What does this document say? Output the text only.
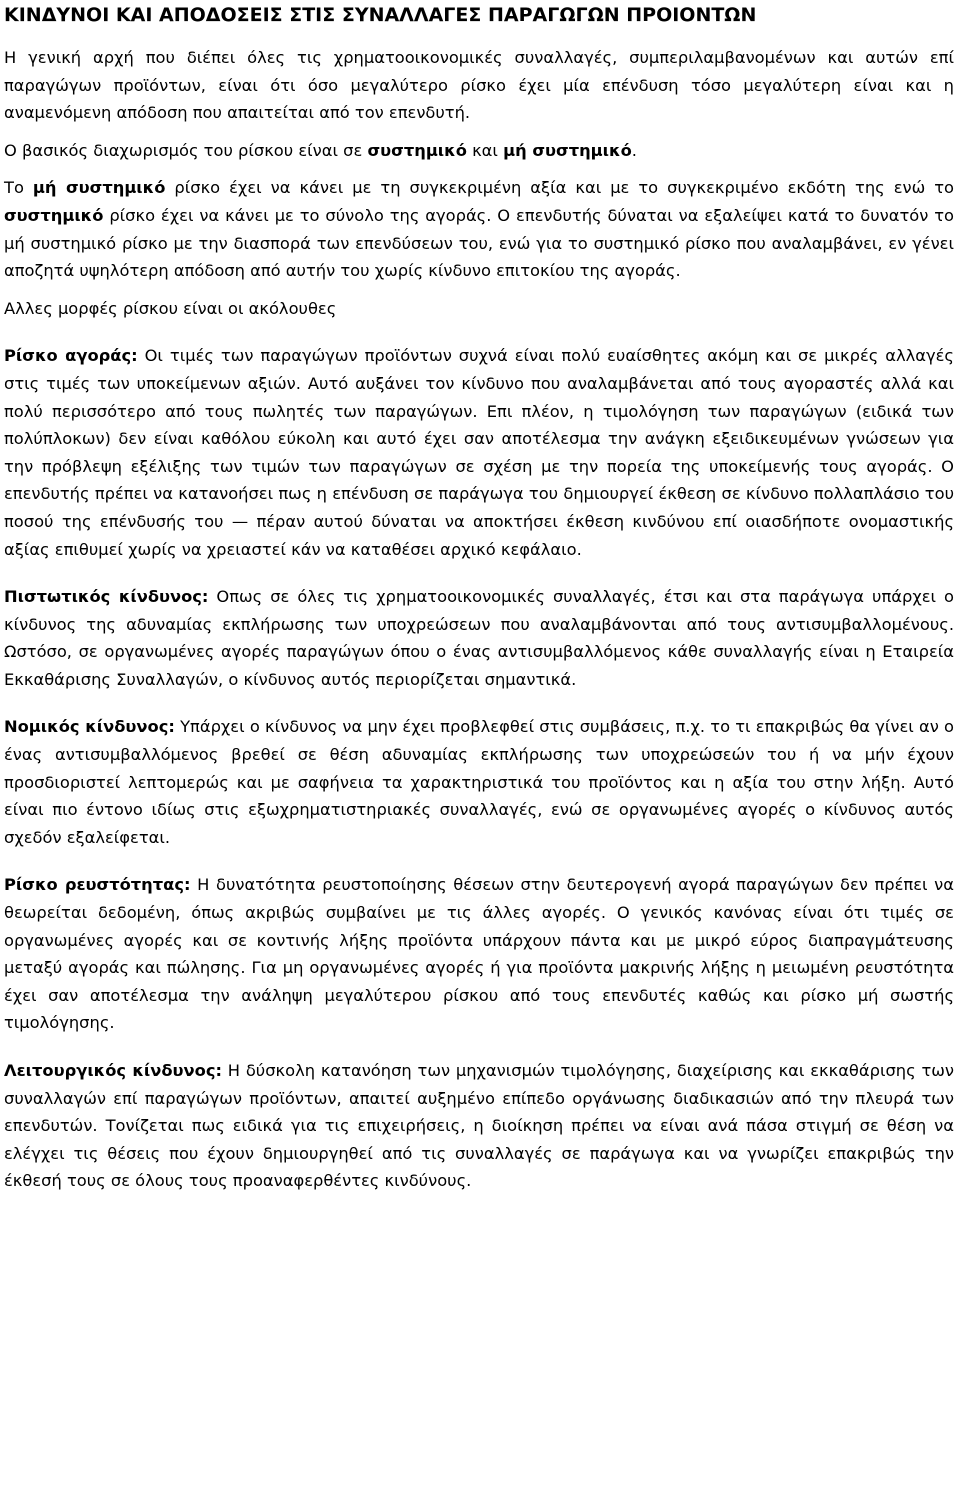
ΚΙΝΔΥΝΟΙ ΚΑΙ ΑΠΟΔΟΣΕΙΣ ΣΤΙΣ ΣΥΝΑΛΛΑΓΕΣ ΠΑΡΑΓΩΓΩΝ ΠΡΟΙΟΝΤΩΝ

Η γενική αρχή που διέπει όλες τις χρηματοοικονομικές συναλλαγές, συμπεριλαμβανομένων και αυτών επί παραγώγων προϊόντων, είναι ότι όσο μεγαλύτερο ρίσκο έχει μία επένδυση τόσο μεγαλύτερη είναι και η αναμενόμενη απόδοση που απαιτείται από τον επενδυτή.

Ο βασικός διαχωρισμός του ρίσκου είναι σε συστημικό και μή συστημικό.

Το μή συστημικό ρίσκο έχει να κάνει με τη συγκεκριμένη αξία και με το συγκεκριμένο εκδότη της ενώ το συστημικό ρίσκο έχει να κάνει με το σύνολο της αγοράς. Ο επενδυτής δύναται να εξαλείψει κατά το δυνατόν το μή συστημικό ρίσκο με την διασπορά των επενδύσεων του, ενώ για το συστημικό ρίσκο που αναλαμβάνει, εν γένει αποζητά υψηλότερη απόδοση από αυτήν του χωρίς κίνδυνο επιτοκίου της αγοράς.

Αλλες μορφές ρίσκου είναι οι ακόλουθες

Ρίσκο αγοράς: Οι τιμές των παραγώγων προϊόντων συχνά είναι πολύ ευαίσθητες ακόμη και σε μικρές αλλαγές στις τιμές των υποκείμενων αξιών. Αυτό αυξάνει τον κίνδυνο που αναλαμβάνεται από τους αγοραστές αλλά και πολύ περισσότερο από τους πωλητές των παραγώγων. Επι πλέον, η τιμολόγηση των παραγώγων (ειδικά των πολύπλοκων) δεν είναι καθόλου εύκολη και αυτό έχει σαν αποτέλεσμα την ανάγκη εξειδικευμένων γνώσεων για την πρόβλεψη εξέλιξης των τιμών των παραγώγων σε σχέση με την πορεία της υποκείμενής τους αγοράς. Ο επενδυτής πρέπει να κατανοήσει πως η επένδυση σε παράγωγα του δημιουργεί έκθεση σε κίνδυνο πολλαπλάσιο του ποσού της επένδυσής του — πέραν αυτού δύναται να αποκτήσει έκθεση κινδύνου επί οιασδήποτε ονομαστικής αξίας επιθυμεί χωρίς να χρειαστεί κάν να καταθέσει αρχικό κεφάλαιο.

Πιστωτικός κίνδυνος: Οπως σε όλες τις χρηματοοικονομικές συναλλαγές, έτσι και στα παράγωγα υπάρχει ο κίνδυνος της αδυναμίας εκπλήρωσης των υποχρεώσεων που αναλαμβάνονται από τους αντισυμβαλλομένους. Ωστόσο, σε οργανωμένες αγορές παραγώγων όπου ο ένας αντισυμβαλλόμενος κάθε συναλλαγής είναι η Εταιρεία Εκκαθάρισης Συναλλαγών, ο κίνδυνος αυτός περιορίζεται σημαντικά.

Νομικός κίνδυνος: Υπάρχει ο κίνδυνος να μην έχει προβλεφθεί στις συμβάσεις, π.χ. το τι επακριβώς θα γίνει αν ο ένας αντισυμβαλλόμενος βρεθεί σε θέση αδυναμίας εκπλήρωσης των υποχρεώσεών του ή να μήν έχουν προσδιοριστεί λεπτομερώς και με σαφήνεια τα χαρακτηριστικά του προϊόντος και η αξία του στην λήξη. Αυτό είναι πιο έντονο ιδίως στις εξωχρηματιστηριακές συναλλαγές, ενώ σε οργανωμένες αγορές ο κίνδυνος αυτός σχεδόν εξαλείφεται.

Ρίσκο ρευστότητας: Η δυνατότητα ρευστοποίησης θέσεων στην δευτερογενή αγορά παραγώγων δεν πρέπει να θεωρείται δεδομένη, όπως ακριβώς συμβαίνει με τις άλλες αγορές. Ο γενικός κανόνας είναι ότι τιμές σε οργανωμένες αγορές και σε κοντινής λήξης προϊόντα υπάρχουν πάντα και με μικρό εύρος διαπραγμάτευσης μεταξύ αγοράς και πώλησης. Για μη οργανωμένες αγορές ή για προϊόντα μακρινής λήξης η μειωμένη ρευστότητα έχει σαν αποτέλεσμα την ανάληψη μεγαλύτερου ρίσκου από τους επενδυτές καθώς και ρίσκο μή σωστής τιμολόγησης.

Λειτουργικός κίνδυνος: Η δύσκολη κατανόηση των μηχανισμών τιμολόγησης, διαχείρισης και εκκαθάρισης των συναλλαγών επί παραγώγων προϊόντων, απαιτεί αυξημένο επίπεδο οργάνωσης διαδικασιών από την πλευρά των επενδυτών. Τονίζεται πως ειδικά για τις επιχειρήσεις, η διοίκηση πρέπει να είναι ανά πάσα στιγμή σε θέση να ελέγχει τις θέσεις που έχουν δημιουργηθεί από τις συναλλαγές σε παράγωγα και να γνωρίζει επακριβώς την έκθεσή τους σε όλους τους προαναφερθέντες κινδύνους.
